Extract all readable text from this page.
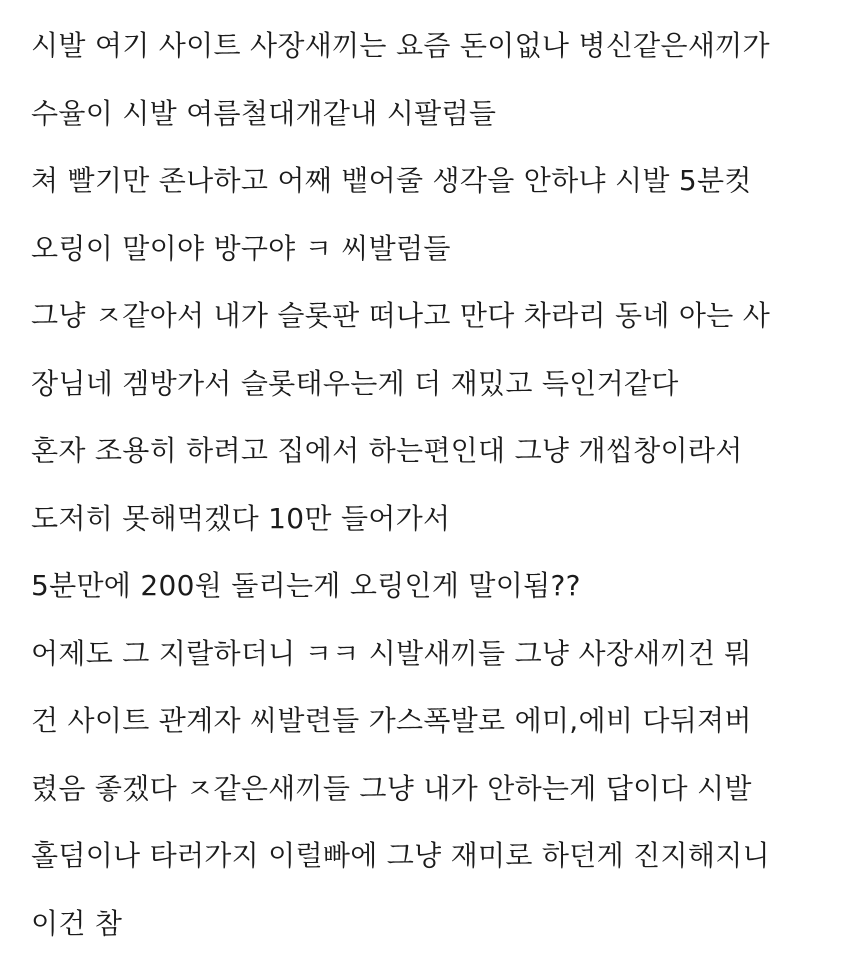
시발 여기 사이트 사장새끼는 요즘 돈이없나 병신같은새끼가
수율이 시발 여름철대개같내 시팔럼들
쳐 빨기만 존나하고 어째 뱉어줄 생각을 안하냐 시발 5분컷
오링이 말이야 방구야 ㅋ 씨발럼들
그냥 ㅈ같아서 내가 슬롯판 떠나고 만다 차라리 동네 아는 사
장님네 겜방가서 슬롯태우는게 더 재밌고 득인거같다
혼자 조용히 하려고 집에서 하는편인대 그냥 개씹창이라서
도저히 못해먹겠다 10만 들어가서
5분만에 200원 돌리는게 오링인게 말이됨??
어제도 그 지랄하더니 ㅋㅋ 시발새끼들 그냥 사장새끼건 뭐
건 사이트 관계자 씨발련들 가스폭발로 에미,에비 다뒤져버
렸음 좋겠다 ㅈ같은새끼들 그냥 내가 안하는게 답이다 시발
홀덤이나 타러가지 이럴빠에 그냥 재미로 하던게 진지해지니
이건 참
